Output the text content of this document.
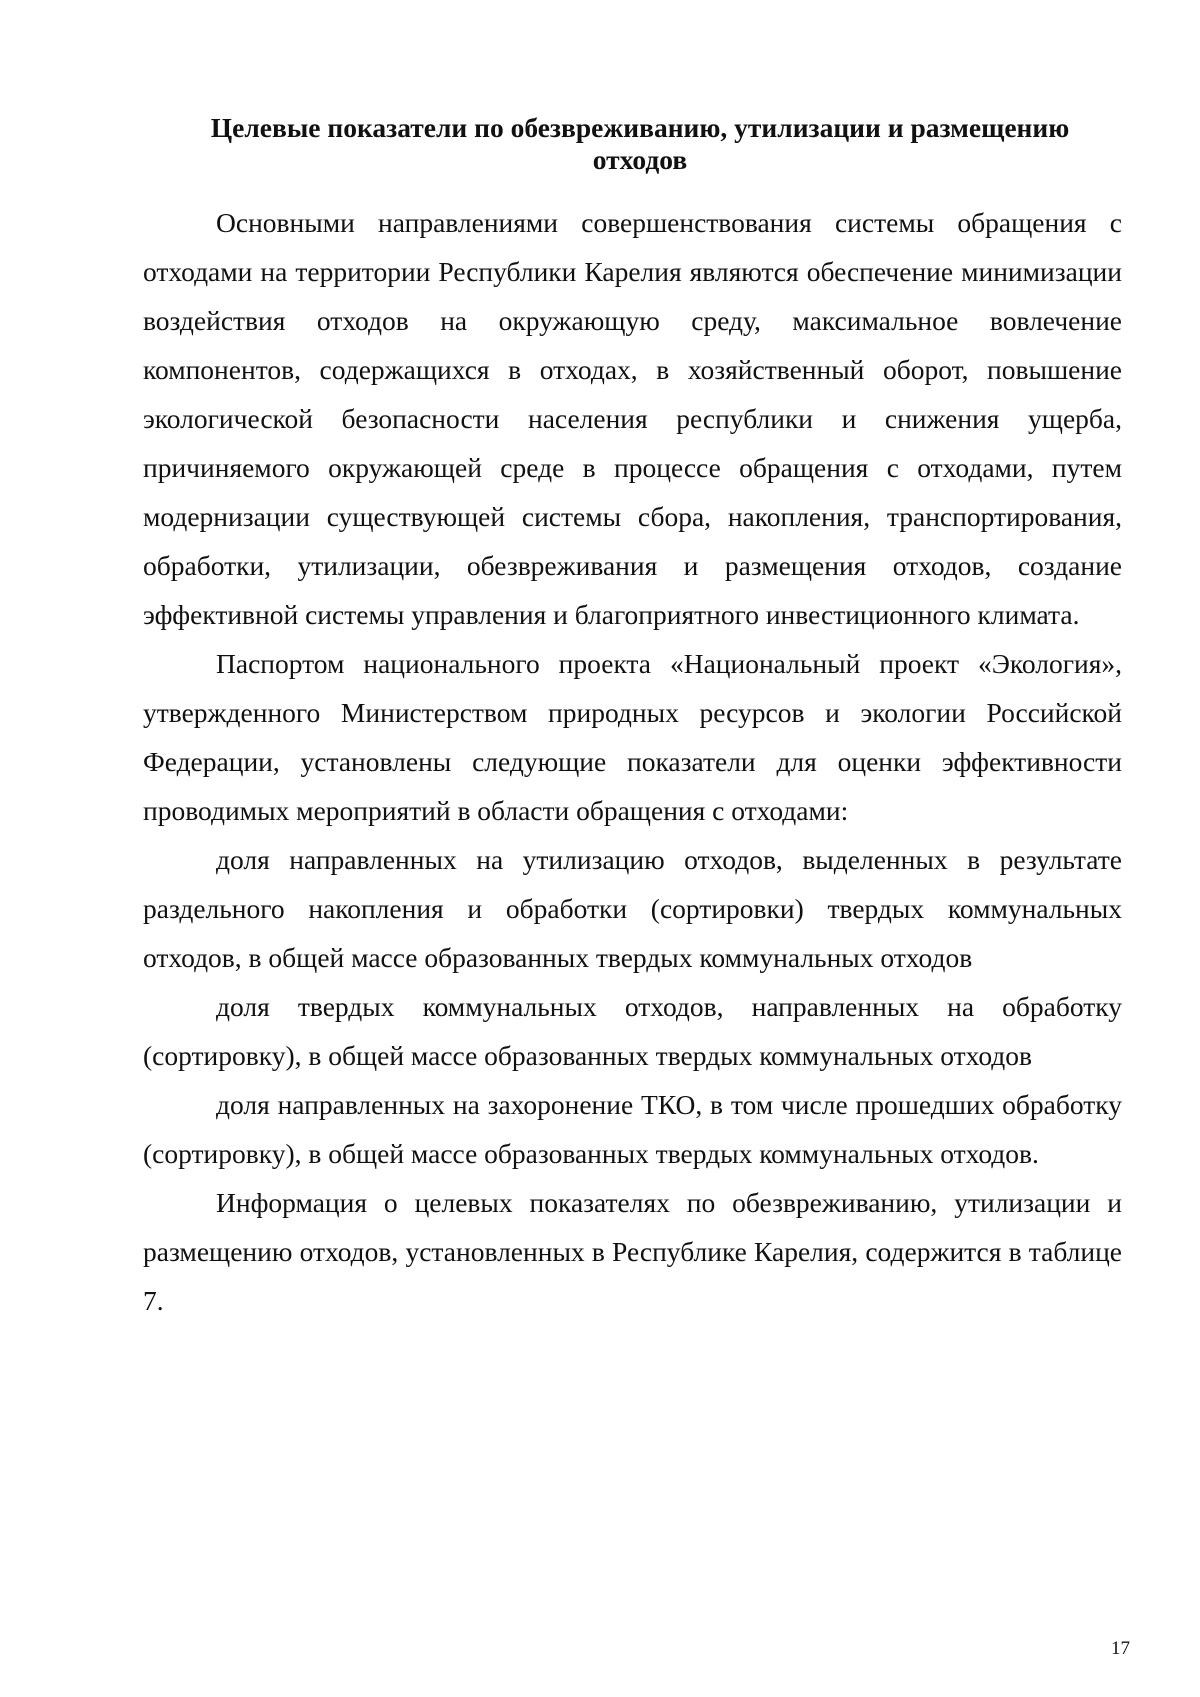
Целевые показатели по обезвреживанию, утилизации и размещению
отходов

Основными направлениями совершенствования системы обращения с отходами на территории Республики Карелия являются обеспечение минимизации воздействия отходов на окружающую среду, максимальное вовлечение компонентов, содержащихся в отходах, в хозяйственный оборот, повышение экологической безопасности населения республики и снижения ущерба, причиняемого окружающей среде в процессе обращения с отходами, путем модернизации существующей системы сбора, накопления, транспортирования, обработки, утилизации, обезвреживания и размещения отходов, создание эффективной системы управления и благоприятного инвестиционного климата.

Паспортом национального проекта «Национальный проект «Экология», утвержденного Министерством природных ресурсов и экологии Российской Федерации, установлены следующие показатели для оценки эффективности проводимых мероприятий в области обращения с отходами:

доля направленных на утилизацию отходов, выделенных в результате раздельного накопления и обработки (сортировки) твердых коммунальных отходов, в общей массе образованных твердых коммунальных отходов

доля твердых коммунальных отходов, направленных на обработку (сортировку), в общей массе образованных твердых коммунальных отходов

доля направленных на захоронение ТКО, в том числе прошедших обработку (сортировку), в общей массе образованных твердых коммунальных отходов.

Информация о целевых показателях по обезвреживанию, утилизации и размещению отходов, установленных в Республике Карелия, содержится в таблице 7.

17
